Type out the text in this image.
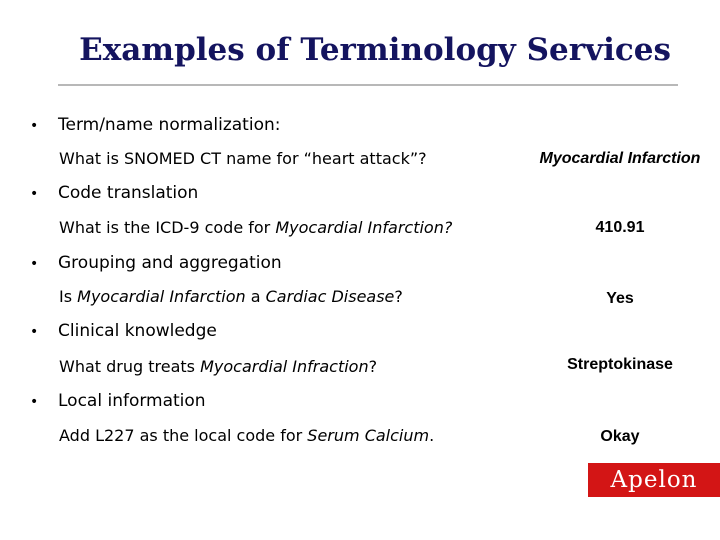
Examples of Terminology Services
• Term/name normalization:
What is SNOMED CT name for “heart attack”?	Myocardial Infarction
• Code translation
What is the ICD-9 code for Myocardial Infarction?	410.91
• Grouping and aggregation
Is Myocardial Infarction a Cardiac Disease?	Yes
• Clinical knowledge
What drug treats Myocardial Infraction?	Streptokinase
• Local information
Add L227 as the local code for Serum Calcium.	Okay
Apelon
